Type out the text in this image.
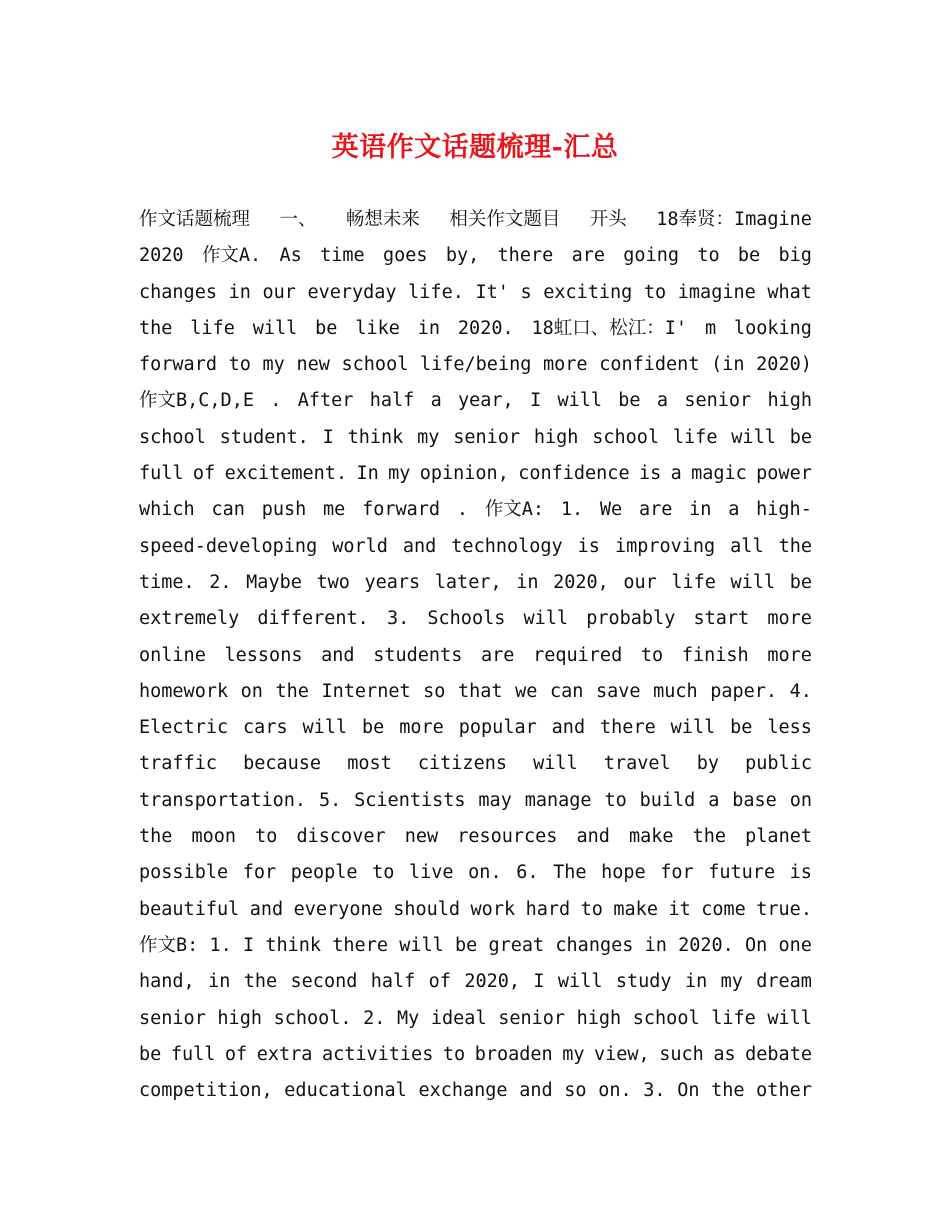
英语作文话题梳理-汇总
作文话题梳理 一、 畅想未来 相关作文题目 开头 18奉贤：Imagine
2020 作文A. As time goes by, there are going to be big
changes in our everyday life. It' s exciting to imagine what
the life will be like in 2020. 18虹口、松江：I' m looking
forward to my new school life/being more confident (in 2020)
作文B,C,D,E . After half a year, I will be a senior high
school student. I think my senior high school life will be
full of excitement. In my opinion, confidence is a magic power
which can push me forward . 作文A: 1. We are in a high-
speed-developing world and technology is improving all the
time. 2. Maybe two years later, in 2020, our life will be
extremely different. 3. Schools will probably start more
online lessons and students are required to finish more
homework on the Internet so that we can save much paper. 4.
Electric cars will be more popular and there will be less
traffic because most citizens will travel by public
transportation. 5. Scientists may manage to build a base on
the moon to discover new resources and make the planet
possible for people to live on. 6. The hope for future is
beautiful and everyone should work hard to make it come true.
作文B: 1. I think there will be great changes in 2020. On one
hand, in the second half of 2020, I will study in my dream
senior high school. 2. My ideal senior high school life will
be full of extra activities to broaden my view, such as debate
competition, educational exchange and so on. 3. On the other
